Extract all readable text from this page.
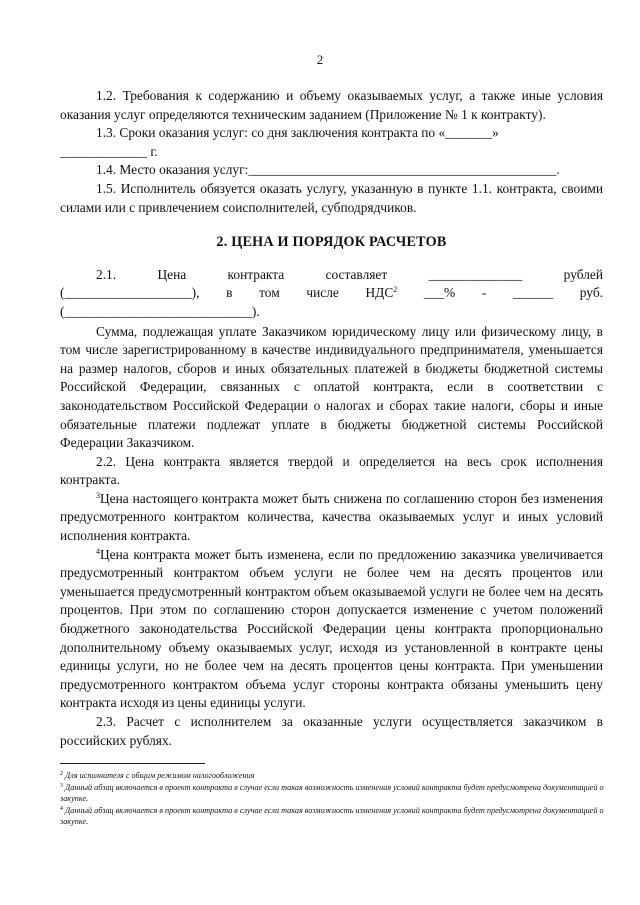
2

1.2. Требования к содержанию и объему оказываемых услуг, а также иные условия оказания услуг определяются техническим заданием (Приложение № 1 к контракту).

1.3. Сроки оказания услуг: со дня заключения контракта по «_______»

_____________ г.

1.4. Место оказания услуг:______________________________________________.

1.5. Исполнитель обязуется оказать услугу, указанную в пункте 1.1. контракта, своими силами или с привлечением соисполнителей, субподрядчиков.

2. ЦЕНА И ПОРЯДОК РАСЧЕТОВ
2.1.	Цена	контракта	составляет	______________	рублей
(___________________), в том числе НДС$^2$ ___% - ______ руб.

(____________________________).

Сумма, подлежащая уплате Заказчиком юридическому лицу или физическому лицу, в том числе зарегистрированному в качестве индивидуального предпринимателя, уменьшается на размер налогов, сборов и иных обязательных платежей в бюджеты бюджетной системы Российской Федерации, связанных с оплатой контракта, если в соответствии с законодательством Российской Федерации о налогах и сборах такие налоги, сборы и иные обязательные платежи подлежат уплате в бюджеты бюджетной системы Российской Федерации Заказчиком.

2.2. Цена контракта является твердой и определяется на весь срок исполнения контракта.

$^3$Цена настоящего контракта может быть снижена по соглашению сторон без изменения предусмотренного контрактом количества, качества оказываемых услуг и иных условий исполнения контракта.

$^4$Цена контракта может быть изменена, если по предложению заказчика увеличивается предусмотренный контрактом объем услуги не более чем на десять процентов или уменьшается предусмотренный контрактом объем оказываемой услуги не более чем на десять процентов. При этом по соглашению сторон допускается изменение с учетом положений бюджетного законодательства Российской Федерации цены контракта пропорционально дополнительному объему оказываемых услуг, исходя из установленной в контракте цены единицы услуги, но не более чем на десять процентов цены контракта. При уменьшении предусмотренного контрактом объема услуг стороны контракта обязаны уменьшить цену контракта исходя из цены единицы услуги.

2.3. Расчет с исполнителем за оказанные услуги осуществляется заказчиком в российских рублях.

$^2$ Для исполнителя с общим режимом налогообложения

$^3$ Данный абзац включается в проект контракта в случае если такая возможность изменения условий контракта будет предусмотрена документацией о закупке.

$^4$ Данный абзац включается в проект контракта в случае если такая возможность изменения условий контракта будет предусмотрена документацией о закупке.
